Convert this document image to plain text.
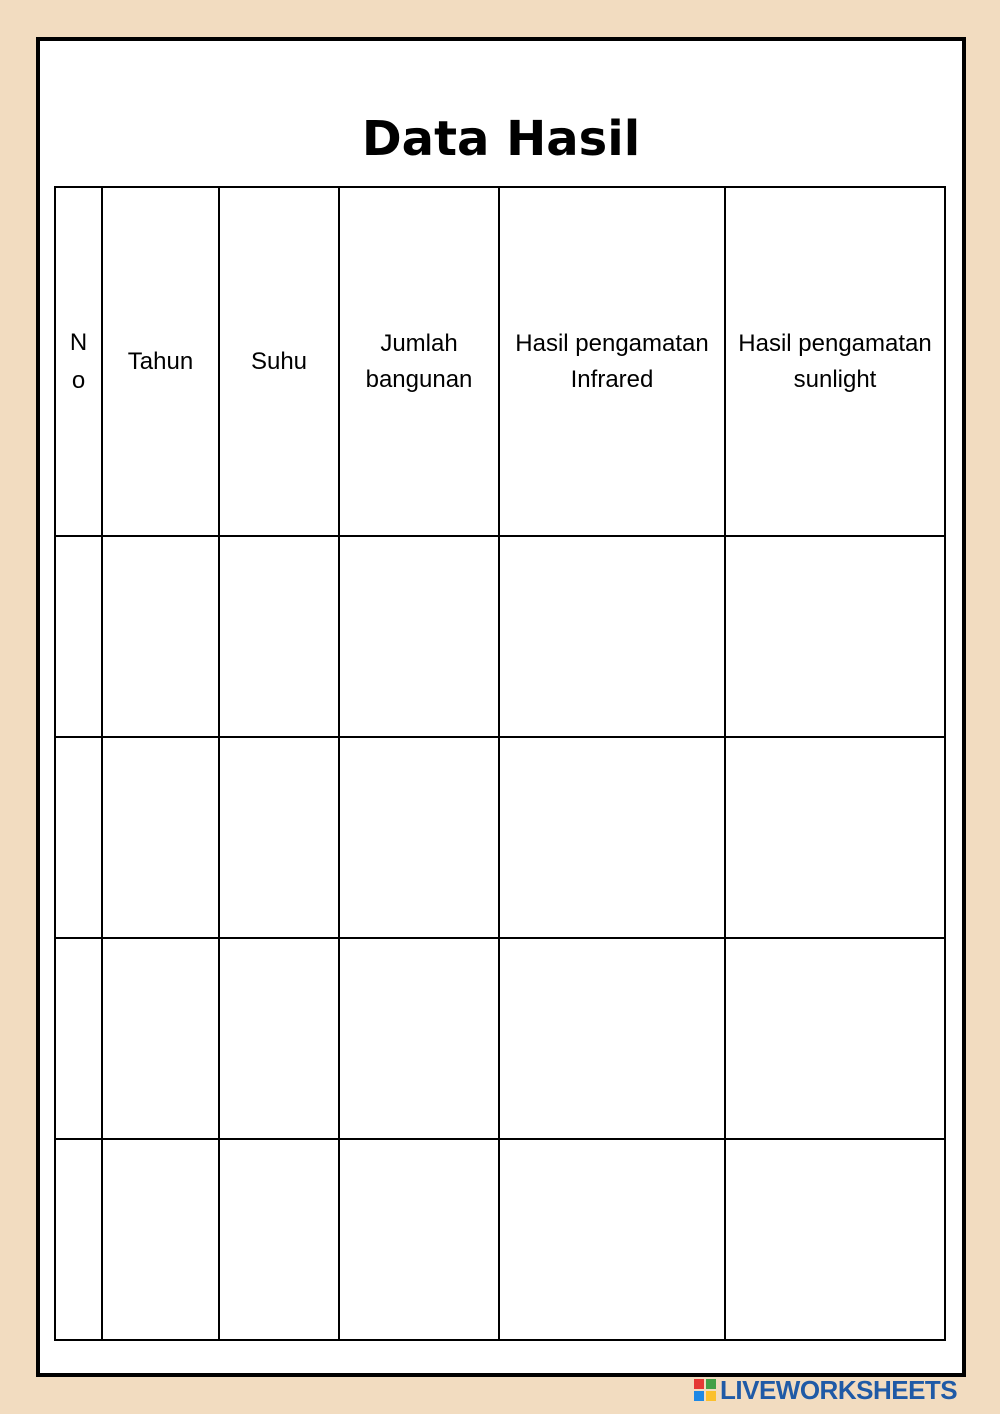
Data Hasil
No	Tahun	Suhu	Jumlah bangunan	Hasil pengamatan Infrared	Hasil pengamatan sunlight

LIVEWORKSHEETS
